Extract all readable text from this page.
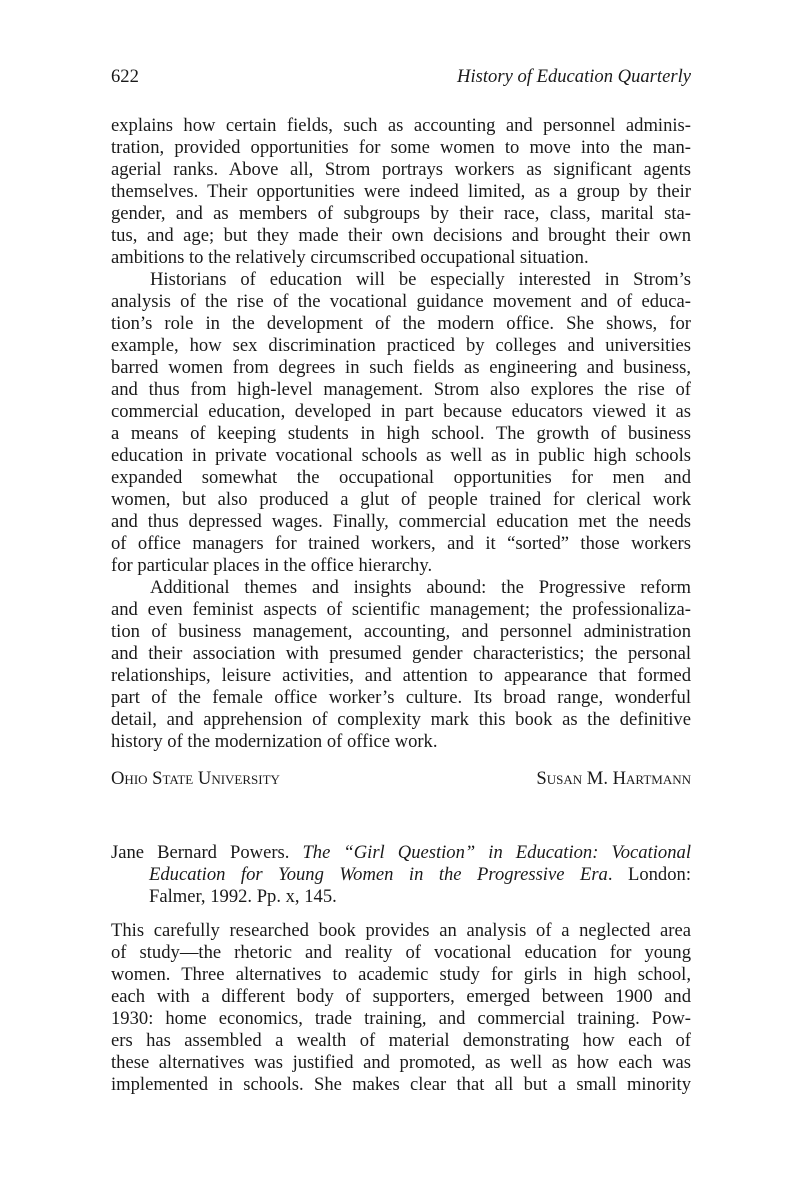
622	History of Education Quarterly
explains how certain fields, such as accounting and personnel adminis-
tration, provided opportunities for some women to move into the man-
agerial ranks. Above all, Strom portrays workers as significant agents
themselves. Their opportunities were indeed limited, as a group by their
gender, and as members of subgroups by their race, class, marital sta-
tus, and age; but they made their own decisions and brought their own
ambitions to the relatively circumscribed occupational situation.
Historians of education will be especially interested in Strom’s
analysis of the rise of the vocational guidance movement and of educa-
tion’s role in the development of the modern office. She shows, for
example, how sex discrimination practiced by colleges and universities
barred women from degrees in such fields as engineering and business,
and thus from high-level management. Strom also explores the rise of
commercial education, developed in part because educators viewed it as
a means of keeping students in high school. The growth of business
education in private vocational schools as well as in public high schools
expanded somewhat the occupational opportunities for men and
women, but also produced a glut of people trained for clerical work
and thus depressed wages. Finally, commercial education met the needs
of office managers for trained workers, and it “sorted” those workers
for particular places in the office hierarchy.
Additional themes and insights abound: the Progressive reform
and even feminist aspects of scientific management; the professionaliza-
tion of business management, accounting, and personnel administration
and their association with presumed gender characteristics; the personal
relationships, leisure activities, and attention to appearance that formed
part of the female office worker’s culture. Its broad range, wonderful
detail, and apprehension of complexity mark this book as the definitive
history of the modernization of office work.
Ohio State University	Susan M. Hartmann
Jane Bernard Powers. The “Girl Question” in Education: Vocational
Education for Young Women in the Progressive Era. London:
Falmer, 1992. Pp. x, 145.
This carefully researched book provides an analysis of a neglected area
of study—the rhetoric and reality of vocational education for young
women. Three alternatives to academic study for girls in high school,
each with a different body of supporters, emerged between 1900 and
1930: home economics, trade training, and commercial training. Pow-
ers has assembled a wealth of material demonstrating how each of
these alternatives was justified and promoted, as well as how each was
implemented in schools. She makes clear that all but a small minority
